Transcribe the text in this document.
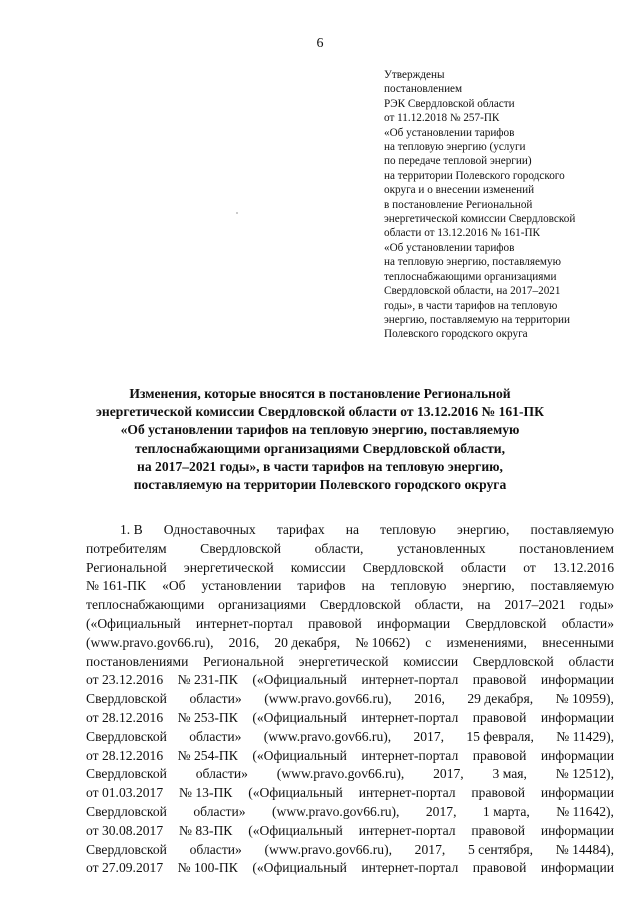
6
Утверждены
постановлением
РЭК Свердловской области
от 11.12.2018 № 257-ПК
«Об установлении тарифов
на тепловую энергию (услуги
по передаче тепловой энергии)
на территории Полевского городского
округа и о внесении изменений
в постановление Региональной
энергетической комиссии Свердловской
области от 13.12.2016 № 161-ПК
«Об установлении тарифов
на тепловую энергию, поставляемую
теплоснабжающими организациями
Свердловской области, на 2017–2021
годы», в части тарифов на тепловую
энергию, поставляемую на территории
Полевского городского округа
Изменения, которые вносятся в постановление Региональной
энергетической комиссии Свердловской области от 13.12.2016 № 161-ПК
«Об установлении тарифов на тепловую энергию, поставляемую
теплоснабжающими организациями Свердловской области,
на 2017–2021 годы», в части тарифов на тепловую энергию,
поставляемую на территории Полевского городского округа
1. В Одноставочных тарифах на тепловую энергию, поставляемую
потребителям Свердловской области, установленных постановлением
Региональной энергетической комиссии Свердловской области от 13.12.2016
№ 161-ПК «Об установлении тарифов на тепловую энергию, поставляемую
теплоснабжающими организациями Свердловской области, на 2017–2021 годы»
(«Официальный интернет-портал правовой информации Свердловской области»
(www.pravo.gov66.ru), 2016, 20 декабря, № 10662) с изменениями, внесенными
постановлениями Региональной энергетической комиссии Свердловской области
от 23.12.2016 № 231-ПК («Официальный интернет-портал правовой информации
Свердловской области» (www.pravo.gov66.ru), 2016, 29 декабря, № 10959),
от 28.12.2016 № 253-ПК («Официальный интернет-портал правовой информации
Свердловской области» (www.pravo.gov66.ru), 2017, 15 февраля, № 11429),
от 28.12.2016 № 254-ПК («Официальный интернет-портал правовой информации
Свердловской области» (www.pravo.gov66.ru), 2017, 3 мая, № 12512),
от 01.03.2017 № 13-ПК («Официальный интернет-портал правовой информации
Свердловской области» (www.pravo.gov66.ru), 2017, 1 марта, № 11642),
от 30.08.2017 № 83-ПК («Официальный интернет-портал правовой информации
Свердловской области» (www.pravo.gov66.ru), 2017, 5 сентября, № 14484),
от 27.09.2017 № 100-ПК («Официальный интернет-портал правовой информации
